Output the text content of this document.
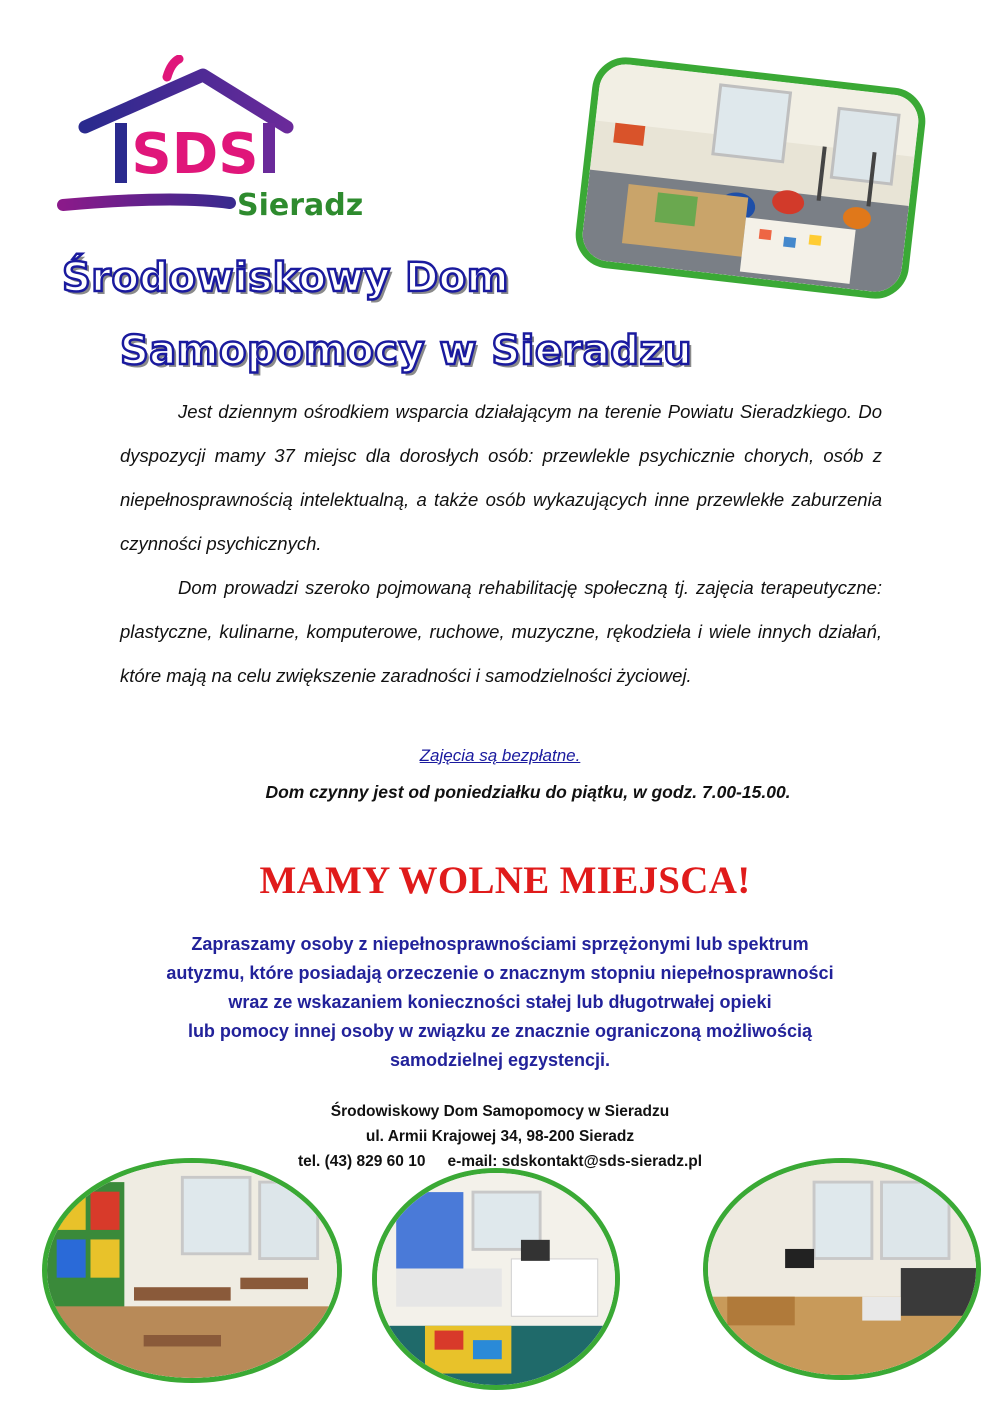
SDS
Sieradz
Środowiskowy Dom
Samopomocy w Sieradzu
Jest dziennym ośrodkiem wsparcia działającym na terenie Powiatu Sieradzkiego. Do dyspozycji mamy 37 miejsc dla dorosłych osób: przewlekle psychicznie chorych, osób z niepełnosprawnością intelektualną, a także osób wykazujących inne przewlekłe zaburzenia czynności psychicznych.
Dom prowadzi szeroko pojmowaną rehabilitację społeczną tj. zajęcia terapeutyczne: plastyczne, kulinarne, komputerowe, ruchowe, muzyczne, rękodzieła i wiele innych działań, które mają na celu zwiększenie zaradności i samodzielności życiowej.
Zajęcia są bezpłatne.
Dom czynny jest od poniedziałku do piątku, w godz. 7.00-15.00.
MAMY WOLNE MIEJSCA!
Zapraszamy osoby z niepełnosprawnościami sprzężonymi lub spektrum
autyzmu, które posiadają orzeczenie o znacznym stopniu niepełnosprawności
wraz ze wskazaniem konieczności stałej lub długotrwałej opieki
lub pomocy innej osoby w związku ze znacznie ograniczoną możliwością
samodzielnej egzystencji.
Środowiskowy Dom Samopomocy w Sieradzu
ul. Armii Krajowej 34, 98-200 Sieradz
tel. (43) 829 60 10 e-mail: sdskontakt@sds-sieradz.pl
